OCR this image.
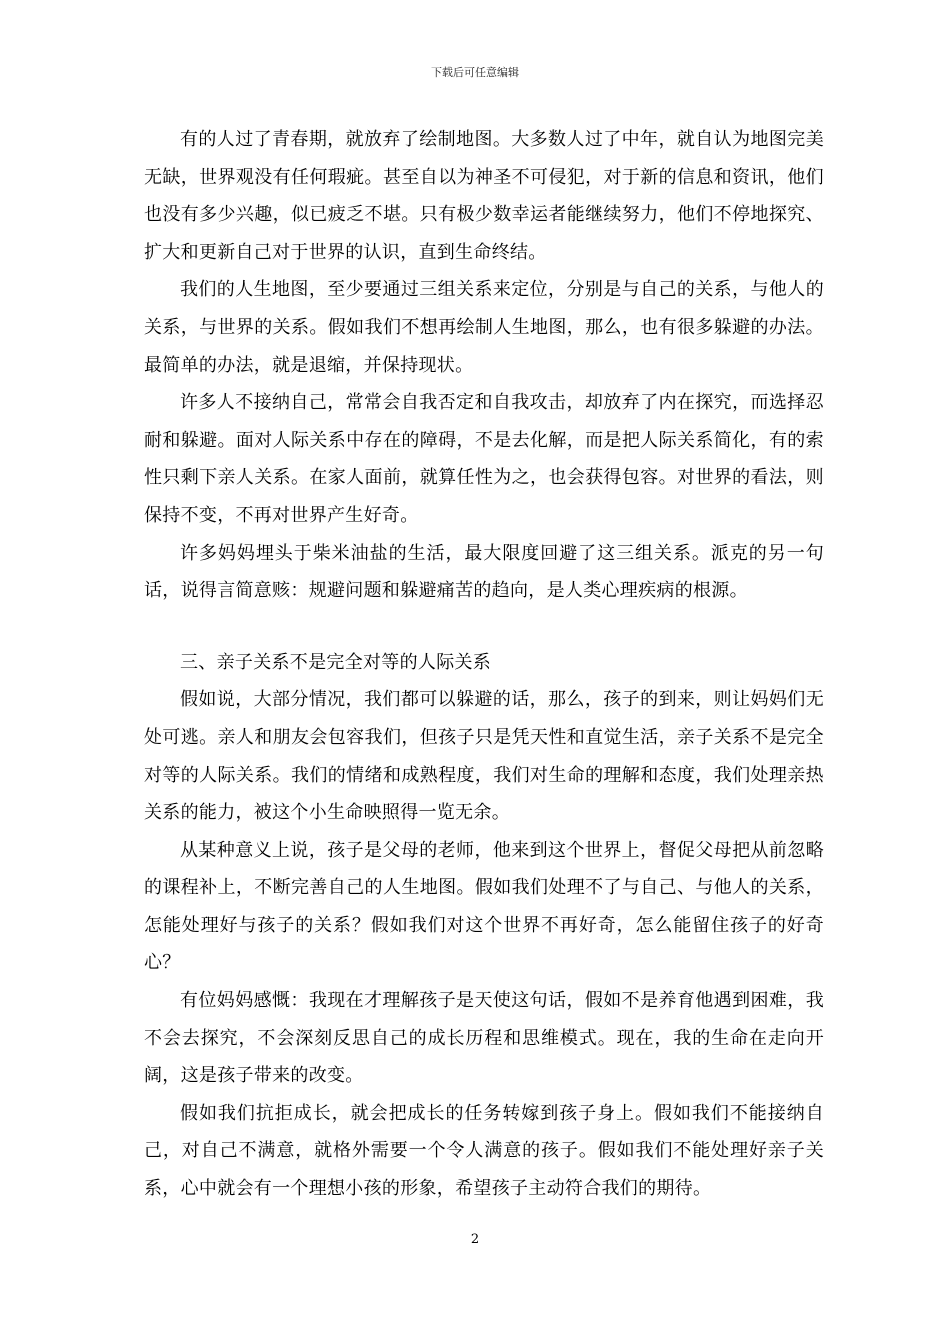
下载后可任意编辑

有的人过了青春期，就放弃了绘制地图。大多数人过了中年，就自认为地图完美无缺，世界观没有任何瑕疵。甚至自以为神圣不可侵犯，对于新的信息和资讯，他们也没有多少兴趣，似已疲乏不堪。只有极少数幸运者能继续努力，他们不停地探究、扩大和更新自己对于世界的认识，直到生命终结。

我们的人生地图，至少要通过三组关系来定位，分别是与自己的关系，与他人的关系，与世界的关系。假如我们不想再绘制人生地图，那么，也有很多躲避的办法。最简单的办法，就是退缩，并保持现状。

许多人不接纳自己，常常会自我否定和自我攻击，却放弃了内在探究，而选择忍耐和躲避。面对人际关系中存在的障碍，不是去化解，而是把人际关系简化，有的索性只剩下亲人关系。在家人面前，就算任性为之，也会获得包容。对世界的看法，则保持不变，不再对世界产生好奇。

许多妈妈埋头于柴米油盐的生活，最大限度回避了这三组关系。派克的另一句话，说得言简意赅：规避问题和躲避痛苦的趋向，是人类心理疾病的根源。

三、亲子关系不是完全对等的人际关系

假如说，大部分情况，我们都可以躲避的话，那么，孩子的到来，则让妈妈们无处可逃。亲人和朋友会包容我们，但孩子只是凭天性和直觉生活，亲子关系不是完全对等的人际关系。我们的情绪和成熟程度，我们对生命的理解和态度，我们处理亲热关系的能力，被这个小生命映照得一览无余。

从某种意义上说，孩子是父母的老师，他来到这个世界上，督促父母把从前忽略的课程补上，不断完善自己的人生地图。假如我们处理不了与自己、与他人的关系，怎能处理好与孩子的关系？假如我们对这个世界不再好奇，怎么能留住孩子的好奇心？

有位妈妈感慨：我现在才理解孩子是天使这句话，假如不是养育他遇到困难，我不会去探究，不会深刻反思自己的成长历程和思维模式。现在，我的生命在走向开阔，这是孩子带来的改变。

假如我们抗拒成长，就会把成长的任务转嫁到孩子身上。假如我们不能接纳自己，对自己不满意，就格外需要一个令人满意的孩子。假如我们不能处理好亲子关系，心中就会有一个理想小孩的形象，希望孩子主动符合我们的期待。

2
